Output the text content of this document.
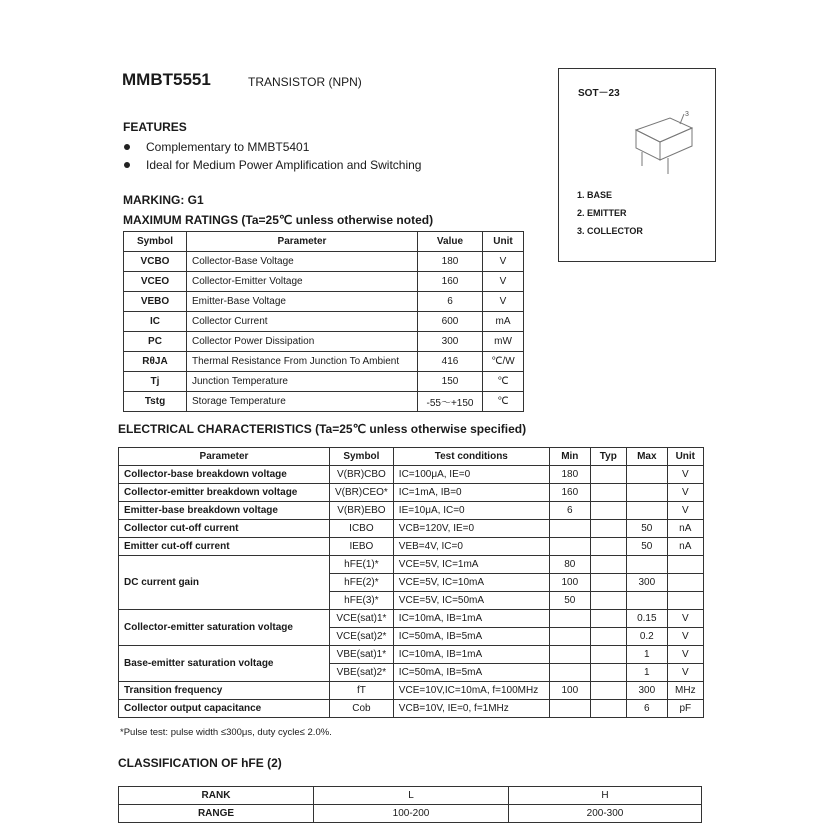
MMBT5551	TRANSISTOR (NPN)
SOT－23
3
1. BASE
2. EMITTER
3. COLLECTOR
FEATURES
Complementary to MMBT5401
Ideal for Medium Power Amplification and Switching
MARKING: G1
MAXIMUM RATINGS (Ta=25℃ unless otherwise noted)
Symbol	Parameter	Value	Unit
VCBO	Collector-Base Voltage	180	V
VCEO	Collector-Emitter Voltage	160	V
VEBO	Emitter-Base Voltage	6	V
IC	Collector Current	600	mA
PC	Collector Power Dissipation	300	mW
RθJA	Thermal Resistance From Junction To Ambient	416	℃/W
Tj	Junction Temperature	150	℃
Tstg	Storage Temperature	-55～+150	℃
ELECTRICAL CHARACTERISTICS (Ta=25℃ unless otherwise specified)
Parameter	Symbol	Test conditions	Min	Typ	Max	Unit
Collector-base breakdown voltage	V(BR)CBO	IC=100μA, IE=0	180			V
Collector-emitter breakdown voltage	V(BR)CEO*	IC=1mA, IB=0	160			V
Emitter-base breakdown voltage	V(BR)EBO	IE=10μA, IC=0	6			V
Collector cut-off current	ICBO	VCB=120V, IE=0			50	nA
Emitter cut-off current	IEBO	VEB=4V, IC=0			50	nA
DC current gain	hFE(1)*	VCE=5V, IC=1mA	80			
	hFE(2)*	VCE=5V, IC=10mA	100		300	
	hFE(3)*	VCE=5V, IC=50mA	50			
Collector-emitter saturation voltage	VCE(sat)1*	IC=10mA, IB=1mA			0.15	V
	VCE(sat)2*	IC=50mA, IB=5mA			0.2	V
Base-emitter saturation voltage	VBE(sat)1*	IC=10mA, IB=1mA			1	V
	VBE(sat)2*	IC=50mA, IB=5mA			1	V
Transition frequency	fT	VCE=10V,IC=10mA, f=100MHz	100		300	MHz
Collector output capacitance	Cob	VCB=10V, IE=0, f=1MHz			6	pF
*Pulse test: pulse width ≤300μs, duty cycle≤ 2.0%.
CLASSIFICATION OF hFE (2)
RANK	L	H
RANGE	100-200	200-300
